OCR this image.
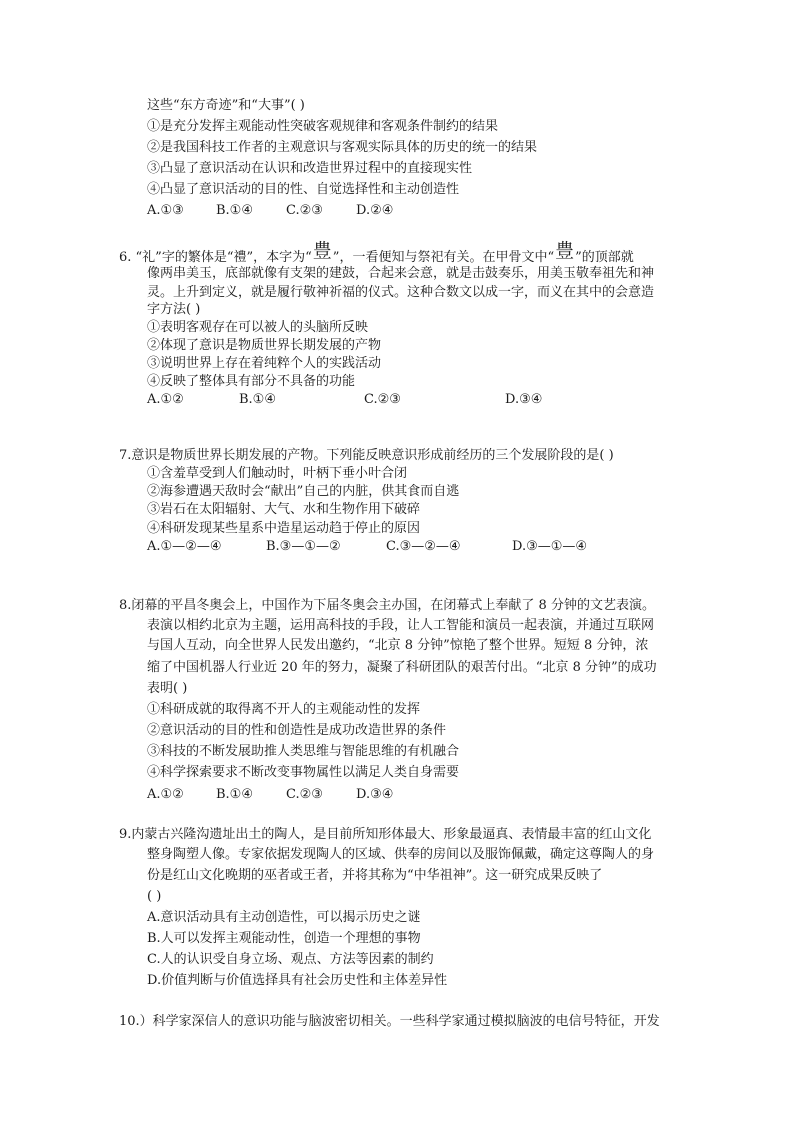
这些“东方奇迹”和“大事”( )
①是充分发挥主观能动性突破客观规律和客观条件制约的结果
②是我国科技工作者的主观意识与客观实际具体的历史的统一的结果
③凸显了意识活动在认识和改造世界过程中的直接现实性
④凸显了意识活动的目的性、自觉选择性和主动创造性
A.①③ B.①④	C.②③	D.②④
6. “礼”字的繁体是“禮”，本字为“豊”，一看便知与祭祀有关。在甲骨文中“豊”的顶部就
像两串美玉，底部就像有支架的建鼓，合起来会意，就是击鼓奏乐，用美玉敬奉祖先和神
灵。上升到定义，就是履行敬神祈福的仪式。这种合数文以成一字，而义在其中的会意造
字方法( )
①表明客观存在可以被人的头脑所反映
②体现了意识是物质世界长期发展的产物
③说明世界上存在着纯粹个人的实践活动
④反映了整体具有部分不具备的功能
A.①②	B.①④	C.②③	D.③④
7.意识是物质世界长期发展的产物。下列能反映意识形成前经历的三个发展阶段的是( )
①含羞草受到人们触动时，叶柄下垂小叶合闭
②海参遭遇天敌时会“献出”自己的内脏，供其食而自逃
③岩石在太阳辐射、大气、水和生物作用下破碎
④科研发现某些星系中造星运动趋于停止的原因
A.①—②—④	B.③—①—②	C.③—②—④	D.③—①—④
8.闭幕的平昌冬奥会上，中国作为下届冬奥会主办国，在闭幕式上奉献了 8 分钟的文艺表演。
表演以相约北京为主题，运用高科技的手段，让人工智能和演员一起表演，并通过互联网
与国人互动，向全世界人民发出邀约，“北京 8 分钟”惊艳了整个世界。短短 8 分钟，浓
缩了中国机器人行业近 20 年的努力，凝聚了科研团队的艰苦付出。“北京 8 分钟”的成功
表明( )
①科研成就的取得离不开人的主观能动性的发挥
②意识活动的目的性和创造性是成功改造世界的条件
③科技的不断发展助推人类思维与智能思维的有机融合
④科学探索要求不断改变事物属性以满足人类自身需要
A.①② B.①④	C.②③	D.③④
9.内蒙古兴隆沟遗址出土的陶人，是目前所知形体最大、形象最逼真、表情最丰富的红山文化
整身陶塑人像。专家依据发现陶人的区域、供奉的房间以及服饰佩戴，确定这尊陶人的身
份是红山文化晚期的巫者或王者，并将其称为“中华祖神”。这一研究成果反映了
( )
A.意识活动具有主动创造性，可以揭示历史之谜
B.人可以发挥主观能动性，创造一个理想的事物
C.人的认识受自身立场、观点、方法等因素的制约
D.价值判断与价值选择具有社会历史性和主体差异性
10.）科学家深信人的意识功能与脑波密切相关。一些科学家通过模拟脑波的电信号特征，开发
